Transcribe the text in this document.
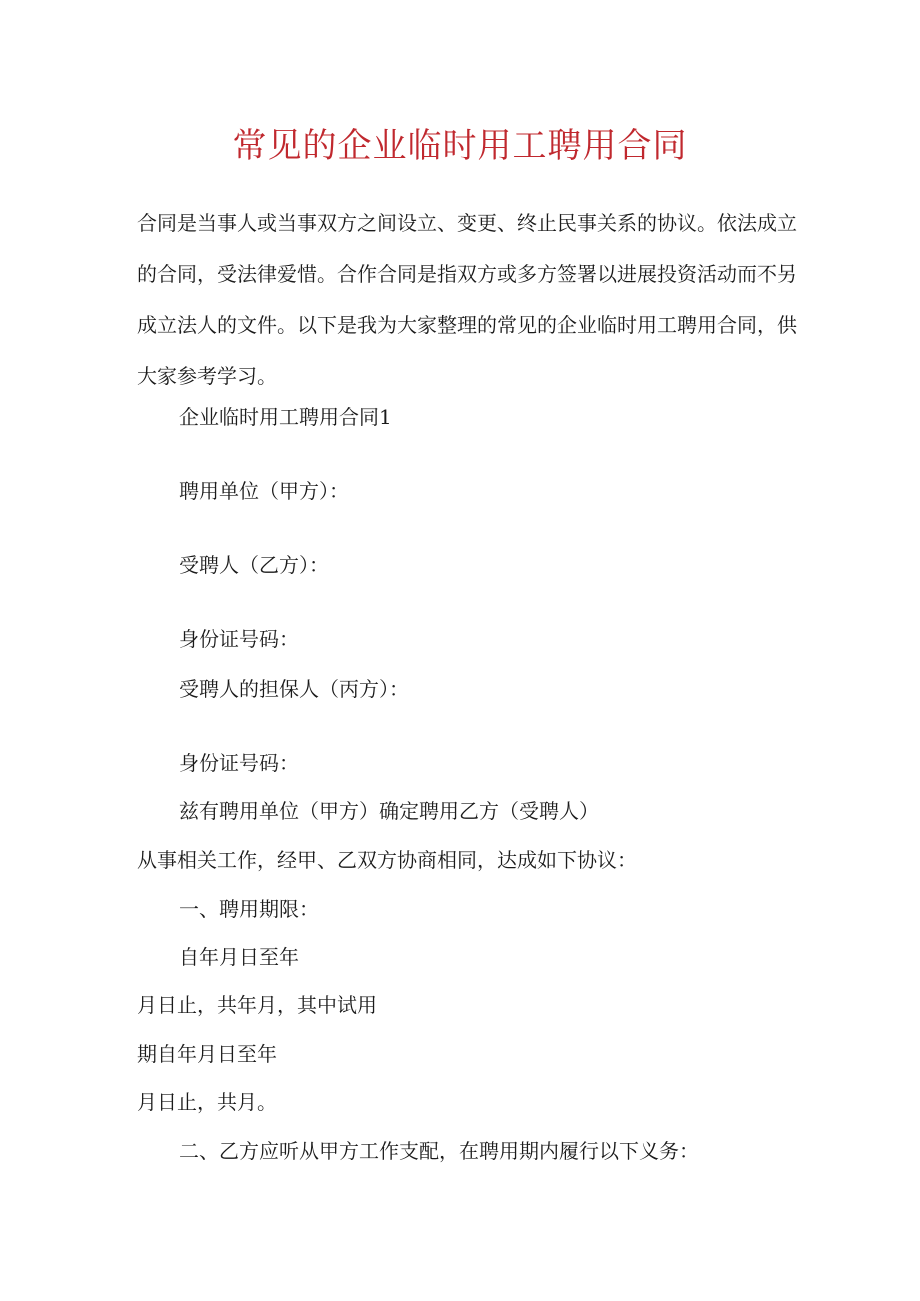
常见的企业临时用工聘用合同

合同是当事人或当事双方之间设立、变更、终止民事关系的协议。依法成立的合同，受法律爱惜。合作合同是指双方或多方签署以进展投资活动而不另成立法人的文件。以下是我为大家整理的常见的企业临时用工聘用合同，供大家参考学习。

企业临时用工聘用合同1

聘用单位（甲方）：

受聘人（乙方）：

身份证号码：

受聘人的担保人（丙方）：

身份证号码：

兹有聘用单位（甲方）确定聘用乙方（受聘人）

从事相关工作，经甲、乙双方协商相同，达成如下协议：

一、聘用期限：

自年月日至年

月日止，共年月，其中试用

期自年月日至年

月日止，共月。

二、乙方应听从甲方工作支配，在聘用期内履行以下义务：
